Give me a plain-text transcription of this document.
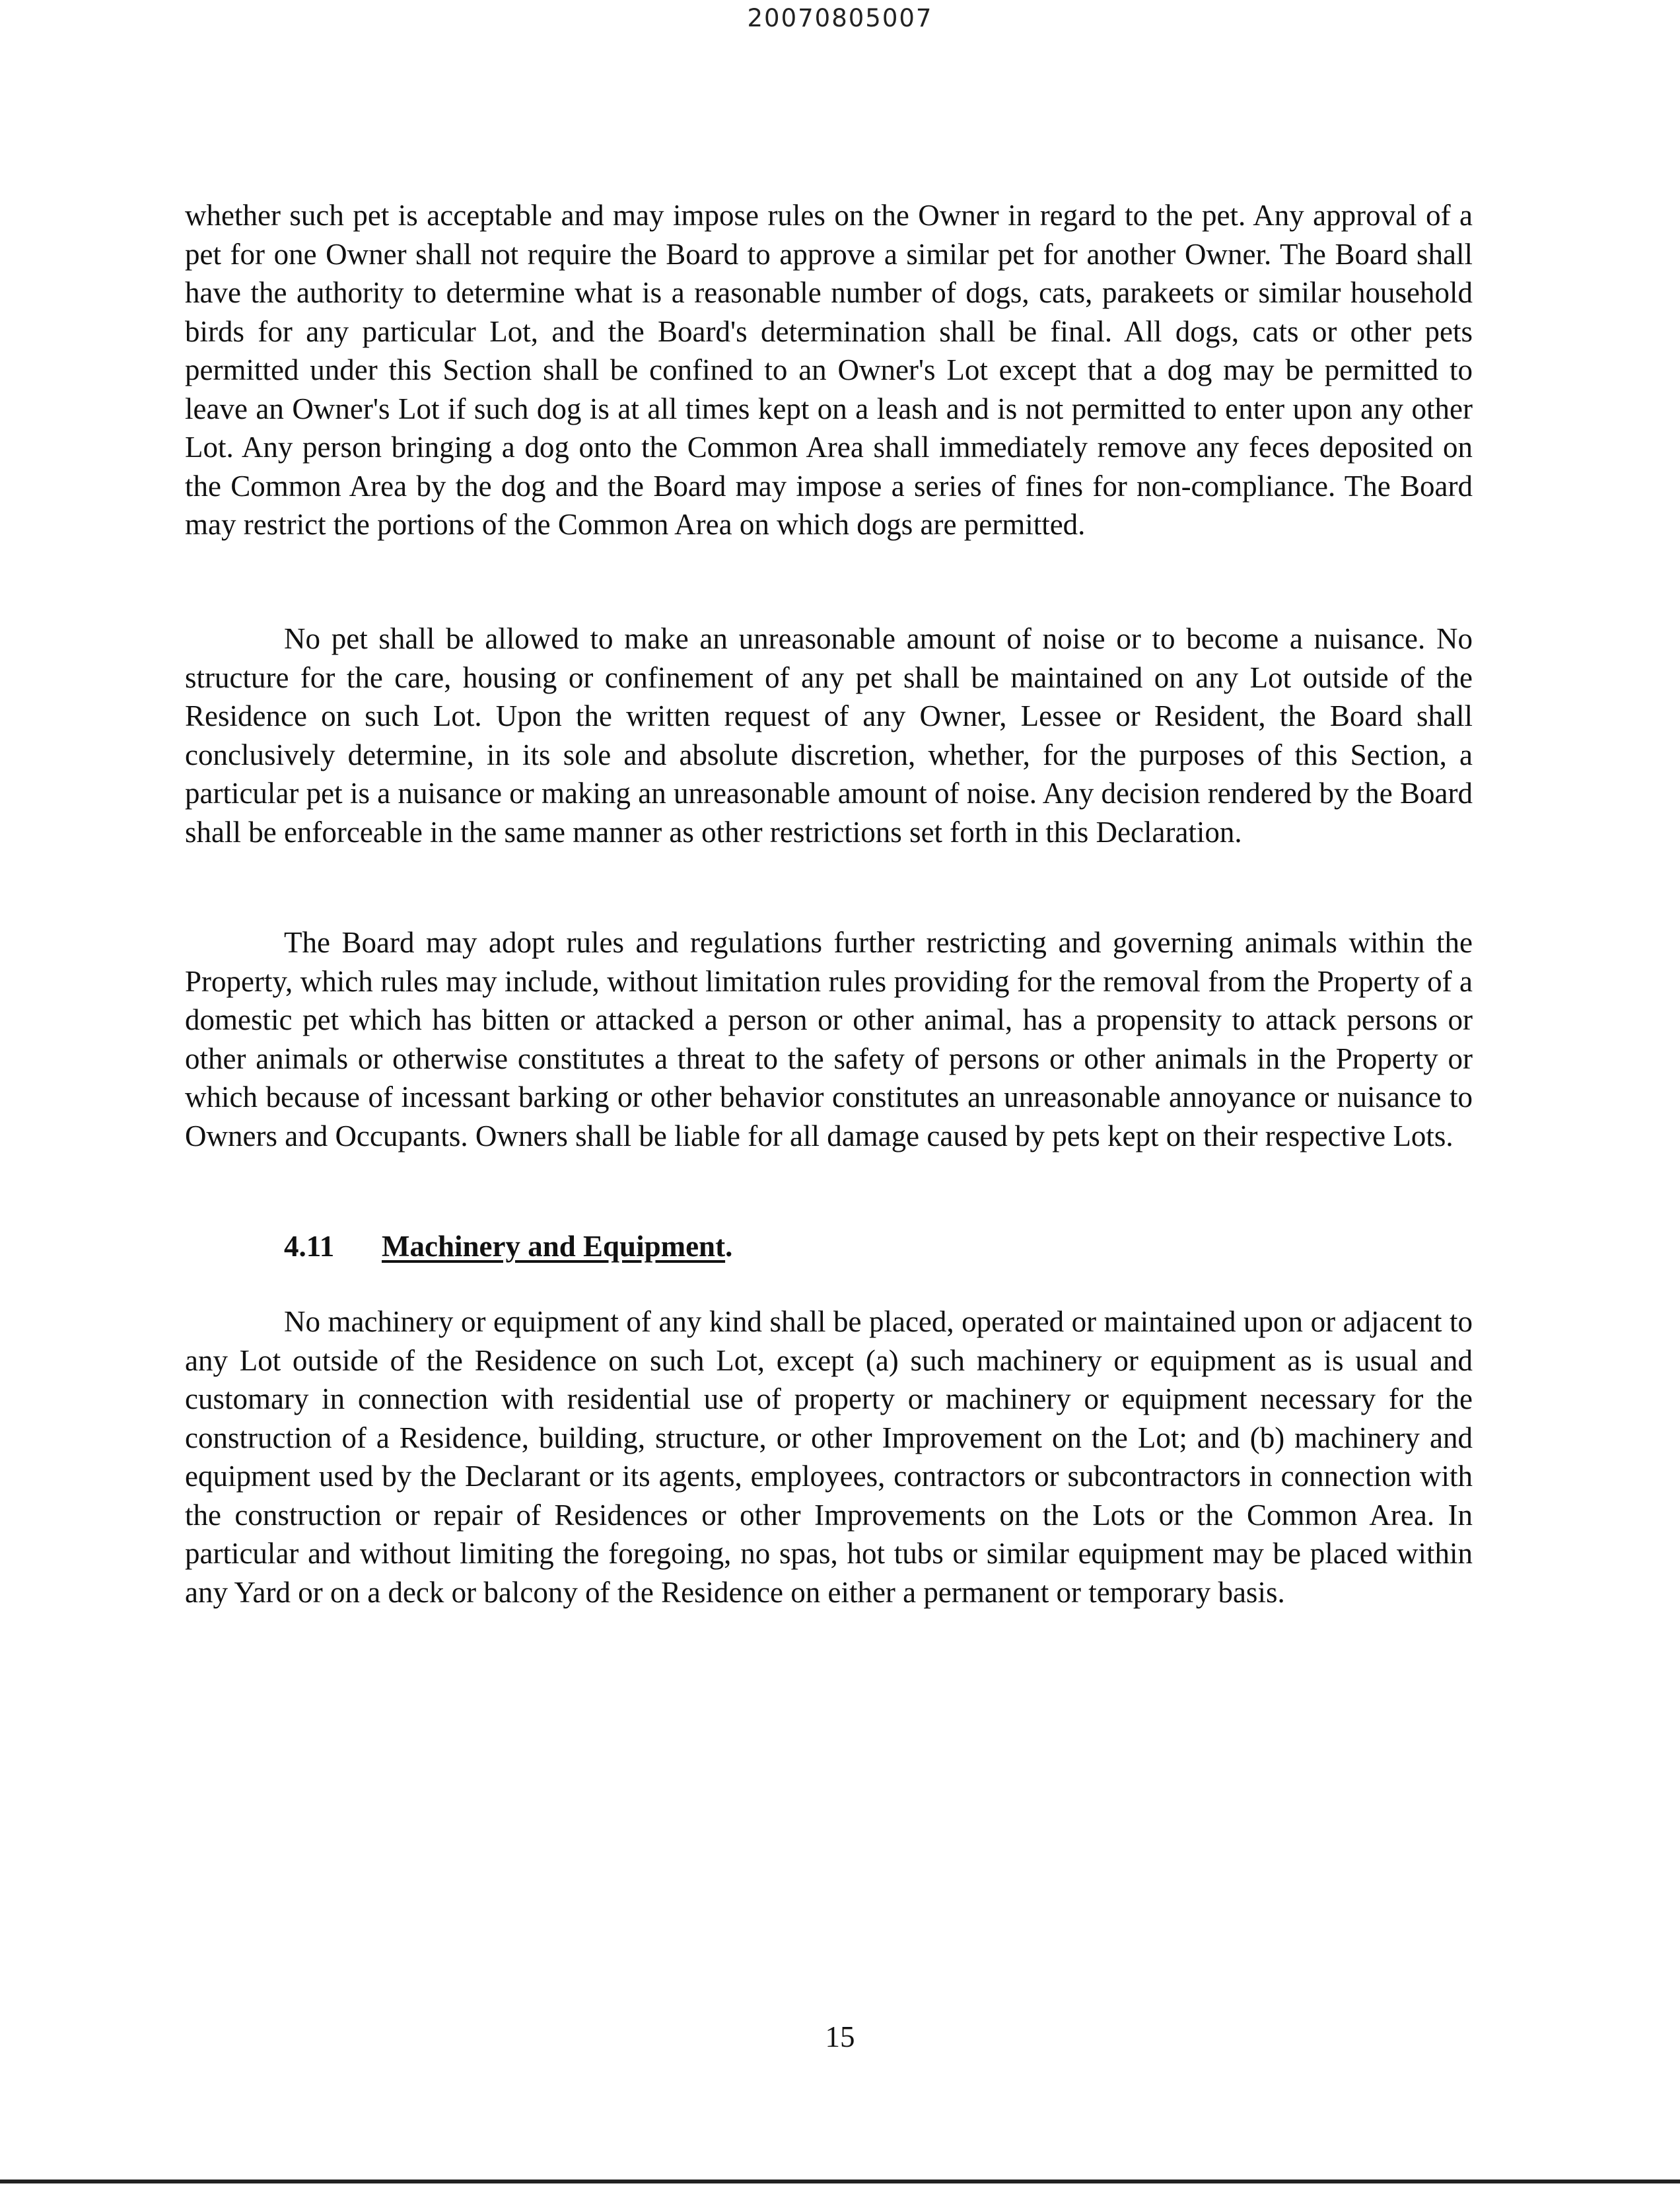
20070805007

whether such pet is acceptable and may impose rules on the Owner in regard to the pet. Any approval of a pet for one Owner shall not require the Board to approve a similar pet for another Owner. The Board shall have the authority to determine what is a reasonable number of dogs, cats, parakeets or similar household birds for any particular Lot, and the Board's determination shall be final. All dogs, cats or other pets permitted under this Section shall be confined to an Owner's Lot except that a dog may be permitted to leave an Owner's Lot if such dog is at all times kept on a leash and is not permitted to enter upon any other Lot. Any person bringing a dog onto the Common Area shall immediately remove any feces deposited on the Common Area by the dog and the Board may impose a series of fines for non-compliance. The Board may restrict the portions of the Common Area on which dogs are permitted.

No pet shall be allowed to make an unreasonable amount of noise or to become a nuisance. No structure for the care, housing or confinement of any pet shall be maintained on any Lot outside of the Residence on such Lot. Upon the written request of any Owner, Lessee or Resident, the Board shall conclusively determine, in its sole and absolute discretion, whether, for the purposes of this Section, a particular pet is a nuisance or making an unreasonable amount of noise. Any decision rendered by the Board shall be enforceable in the same manner as other restrictions set forth in this Declaration.

The Board may adopt rules and regulations further restricting and governing animals within the Property, which rules may include, without limitation rules providing for the removal from the Property of a domestic pet which has bitten or attacked a person or other animal, has a propensity to attack persons or other animals or otherwise constitutes a threat to the safety of persons or other animals in the Property or which because of incessant barking or other behavior constitutes an unreasonable annoyance or nuisance to Owners and Occupants. Owners shall be liable for all damage caused by pets kept on their respective Lots.

4.11 Machinery and Equipment.

No machinery or equipment of any kind shall be placed, operated or maintained upon or adjacent to any Lot outside of the Residence on such Lot, except (a) such machinery or equipment as is usual and customary in connection with residential use of property or machinery or equipment necessary for the construction of a Residence, building, structure, or other Improvement on the Lot; and (b) machinery and equipment used by the Declarant or its agents, employees, contractors or subcontractors in connection with the construction or repair of Residences or other Improvements on the Lots or the Common Area. In particular and without limiting the foregoing, no spas, hot tubs or similar equipment may be placed within any Yard or on a deck or balcony of the Residence on either a permanent or temporary basis.

15
